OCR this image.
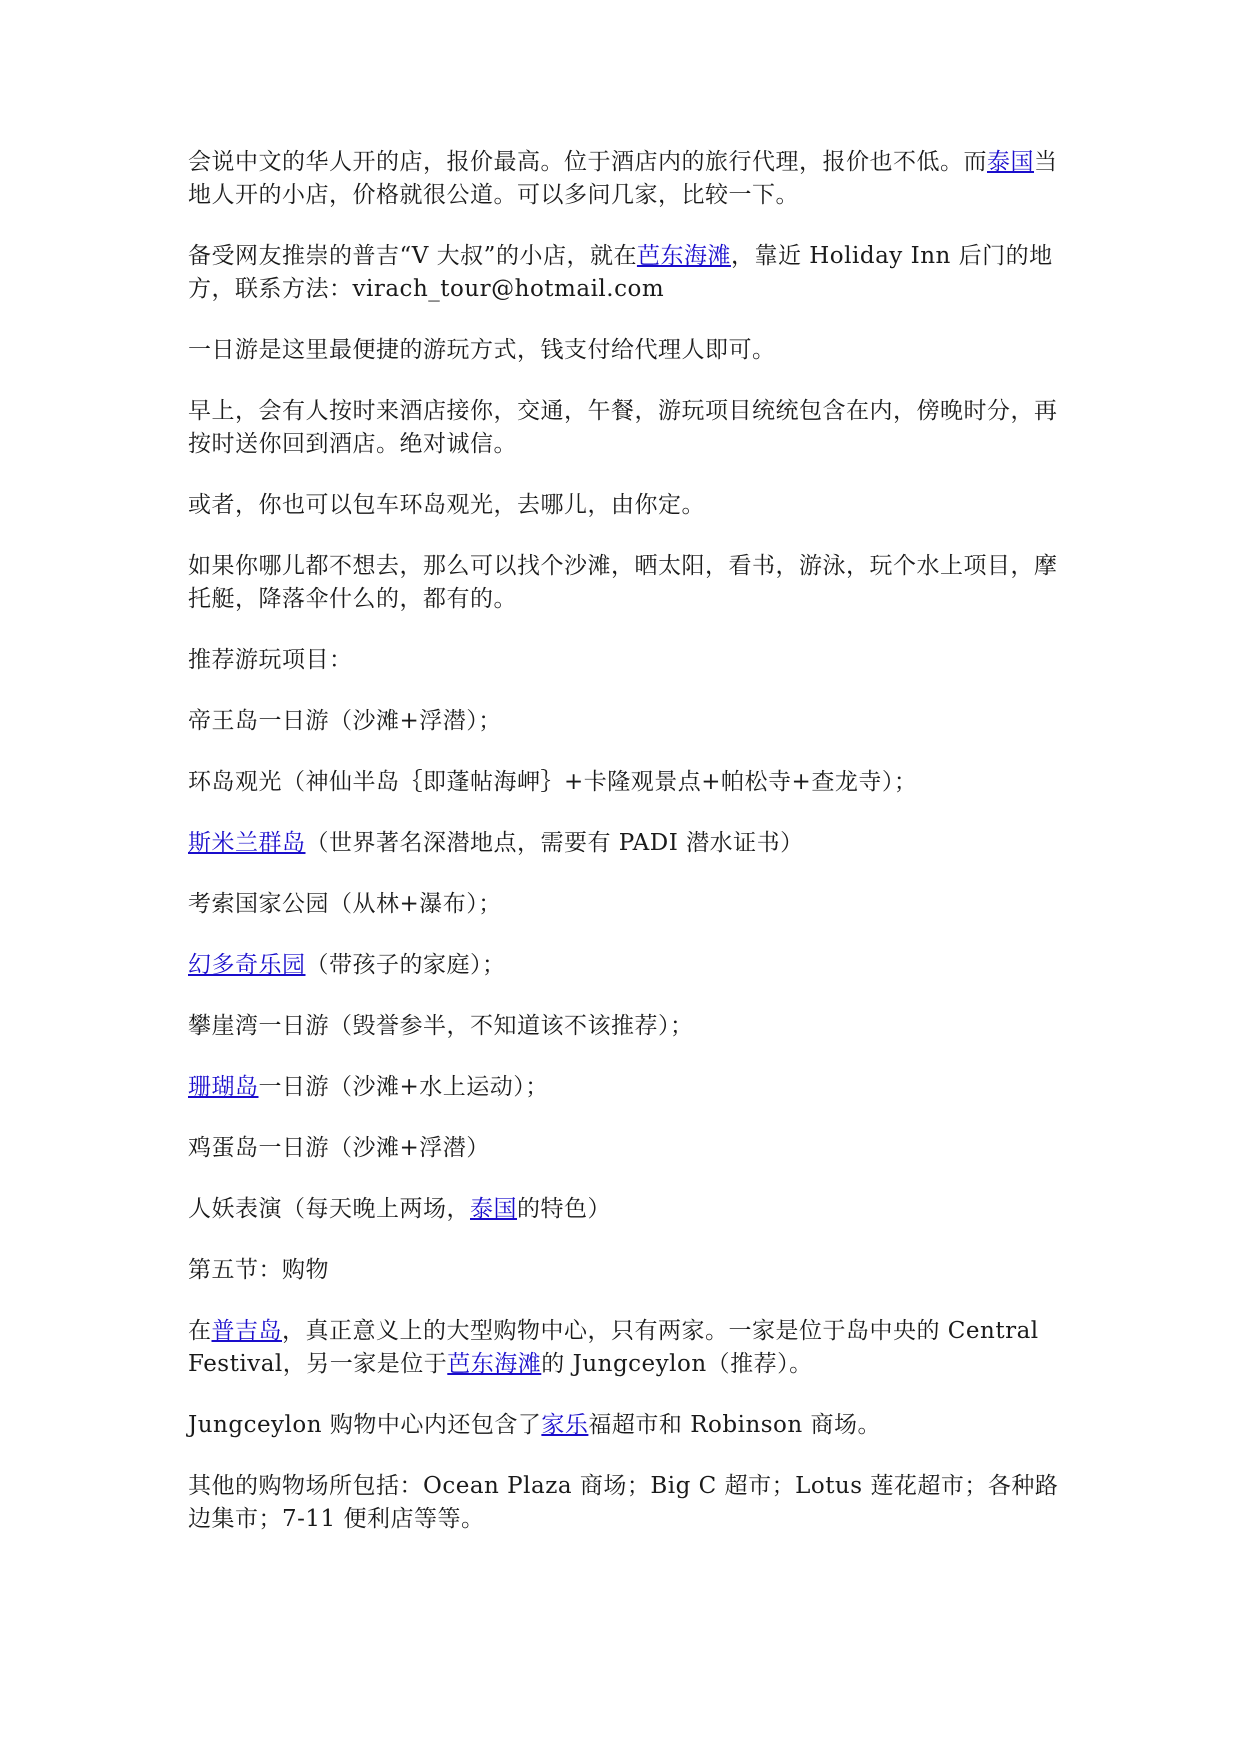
会说中文的华人开的店，报价最高。位于酒店内的旅行代理，报价也不低。而泰国当地人开的小店，价格就很公道。可以多问几家，比较一下。

备受网友推崇的普吉“V 大叔”的小店，就在芭东海滩，靠近 Holiday Inn 后门的地方，联系方法：virach_tour@hotmail.com

一日游是这里最便捷的游玩方式，钱支付给代理人即可。

早上，会有人按时来酒店接你，交通，午餐，游玩项目统统包含在内，傍晚时分，再按时送你回到酒店。绝对诚信。

或者，你也可以包车环岛观光，去哪儿，由你定。

如果你哪儿都不想去，那么可以找个沙滩，晒太阳，看书，游泳，玩个水上项目，摩托艇，降落伞什么的，都有的。

推荐游玩项目：

帝王岛一日游（沙滩+浮潜）；

环岛观光（神仙半岛｛即蓬帖海岬｝+卡隆观景点+帕松寺+查龙寺）；

斯米兰群岛（世界著名深潜地点，需要有 PADI 潜水证书）

考索国家公园（从林+瀑布）；

幻多奇乐园（带孩子的家庭）；

攀崖湾一日游（毁誉参半，不知道该不该推荐）；

珊瑚岛一日游（沙滩+水上运动）；

鸡蛋岛一日游（沙滩+浮潜）

人妖表演（每天晚上两场，泰国的特色）

第五节：购物

在普吉岛，真正意义上的大型购物中心，只有两家。一家是位于岛中央的 Central Festival，另一家是位于芭东海滩的 Jungceylon（推荐）。

Jungceylon 购物中心内还包含了家乐福超市和 Robinson 商场。

其他的购物场所包括：Ocean Plaza 商场；Big C 超市；Lotus 莲花超市；各种路边集市；7-11 便利店等等。
